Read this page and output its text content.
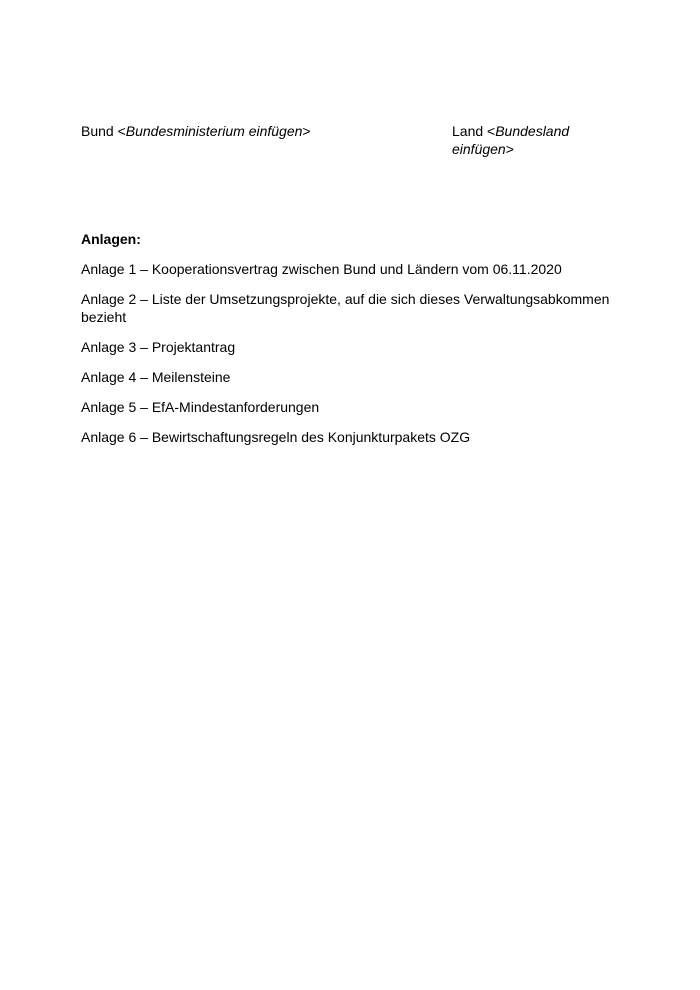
Bund <Bundesministerium einfügen>	Land <Bundesland
einfügen>
Anlagen:
Anlage 1 – Kooperationsvertrag zwischen Bund und Ländern vom 06.11.2020
Anlage 2 – Liste der Umsetzungsprojekte, auf die sich dieses Verwaltungsabkommen bezieht
Anlage 3 – Projektantrag
Anlage 4 – Meilensteine
Anlage 5 – EfA-Mindestanforderungen
Anlage 6 – Bewirtschaftungsregeln des Konjunkturpakets OZG
